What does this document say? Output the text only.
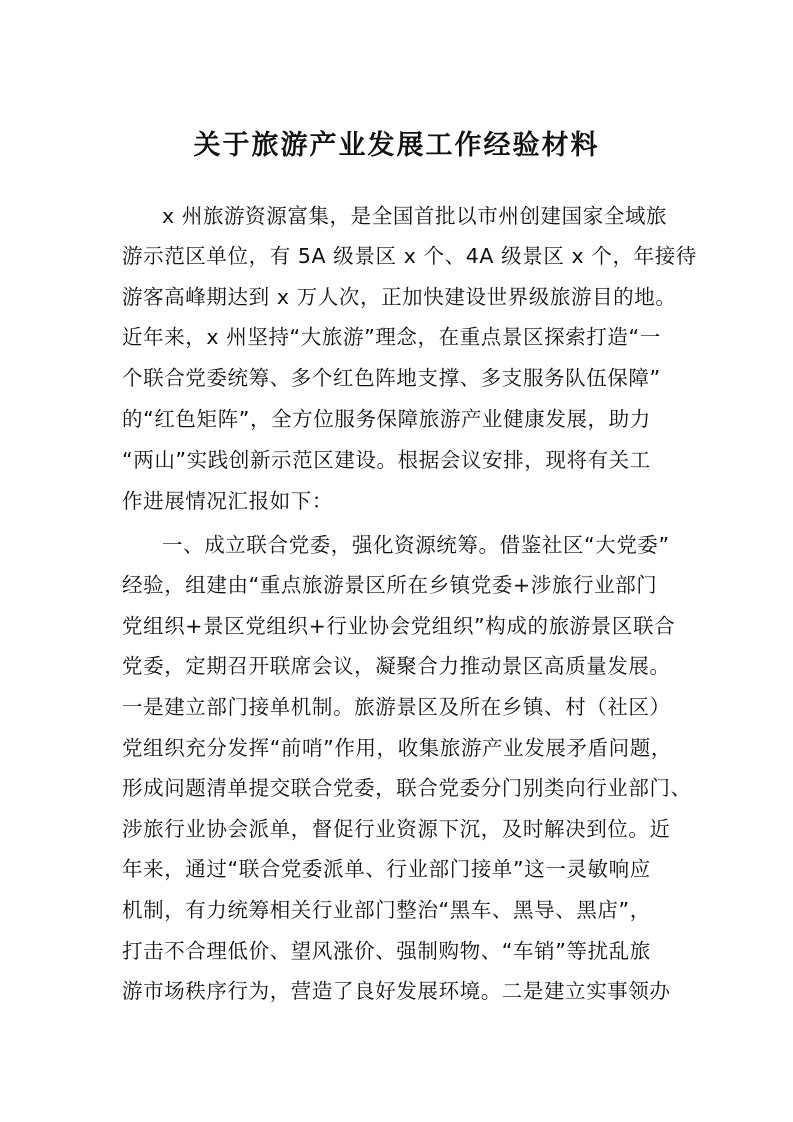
关于旅游产业发展工作经验材料

x 州旅游资源富集，是全国首批以市州创建国家全域旅

游示范区单位，有 5A 级景区 x 个、4A 级景区 x 个，年接待

游客高峰期达到 x 万人次，正加快建设世界级旅游目的地。

近年来，x 州坚持“大旅游”理念，在重点景区探索打造“一

个联合党委统筹、多个红色阵地支撑、多支服务队伍保障”

的“红色矩阵”，全方位服务保障旅游产业健康发展，助力

“两山”实践创新示范区建设。根据会议安排，现将有关工

作进展情况汇报如下：

一、成立联合党委，强化资源统筹。借鉴社区“大党委”

经验，组建由“重点旅游景区所在乡镇党委+涉旅行业部门

党组织+景区党组织+行业协会党组织”构成的旅游景区联合

党委，定期召开联席会议，凝聚合力推动景区高质量发展。

一是建立部门接单机制。旅游景区及所在乡镇、村（社区）

党组织充分发挥“前哨”作用，收集旅游产业发展矛盾问题，

形成问题清单提交联合党委，联合党委分门别类向行业部门、

涉旅行业协会派单，督促行业资源下沉，及时解决到位。近

年来，通过“联合党委派单、行业部门接单”这一灵敏响应

机制，有力统筹相关行业部门整治“黑车、黑导、黑店”，

打击不合理低价、望风涨价、强制购物、“车销”等扰乱旅

游市场秩序行为，营造了良好发展环境。二是建立实事领办
